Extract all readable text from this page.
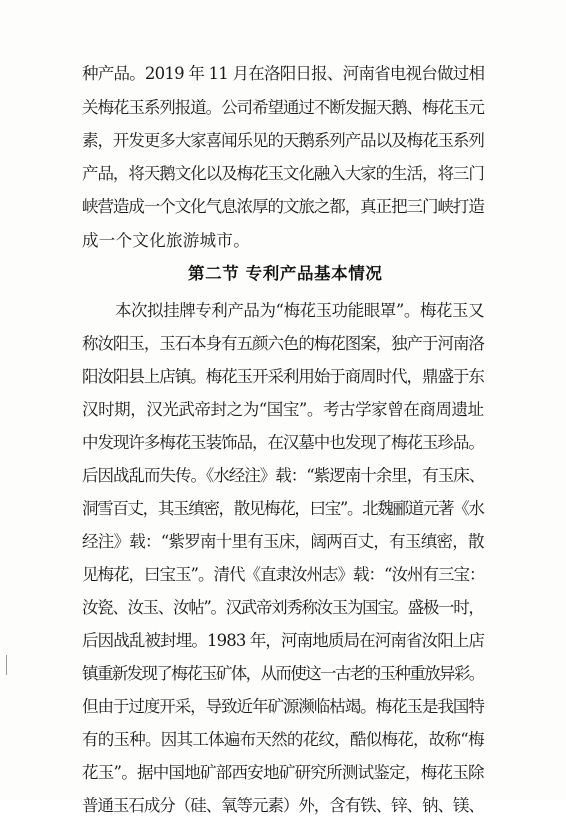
种产品。2019 年 11 月在洛阳日报、河南省电视台做过相
关梅花玉系列报道。公司希望通过不断发掘天鹅、梅花玉元
素，开发更多大家喜闻乐见的天鹅系列产品以及梅花玉系列
产品，将天鹅文化以及梅花玉文化融入大家的生活，将三门
峡营造成一个文化气息浓厚的文旅之都，真正把三门峡打造
成一个文化旅游城市。
第二节 专利产品基本情况
本次拟挂牌专利产品为“梅花玉功能眼罩”。梅花玉又
称汝阳玉，玉石本身有五颜六色的梅花图案，独产于河南洛
阳汝阳县上店镇。梅花玉开采利用始于商周时代，鼎盛于东
汉时期，汉光武帝封之为“国宝”。考古学家曾在商周遗址
中发现许多梅花玉装饰品，在汉墓中也发现了梅花玉珍品。
后因战乱而失传。《水经注》载：“紫逻南十余里，有玉床、
洞雪百丈，其玉缜密，散见梅花，曰宝”。北魏郦道元著《水
经注》载：“紫罗南十里有玉床，阔两百丈，有玉缜密，散
见梅花，曰宝玉”。清代《直隶汝州志》载：“汝州有三宝：
汝瓷、汝玉、汝帖”。汉武帝刘秀称汝玉为国宝。盛极一时，
后因战乱被封埋。1983 年，河南地质局在河南省汝阳上店
镇重新发现了梅花玉矿体，从而使这一古老的玉种重放异彩。
但由于过度开采，导致近年矿源濒临枯竭。梅花玉是我国特
有的玉种。因其工体遍布天然的花纹，酷似梅花，故称“梅
花玉”。据中国地矿部西安地矿研究所测试鉴定，梅花玉除
普通玉石成分（硅、氧等元素）外，含有铁、锌、钠、镁、
